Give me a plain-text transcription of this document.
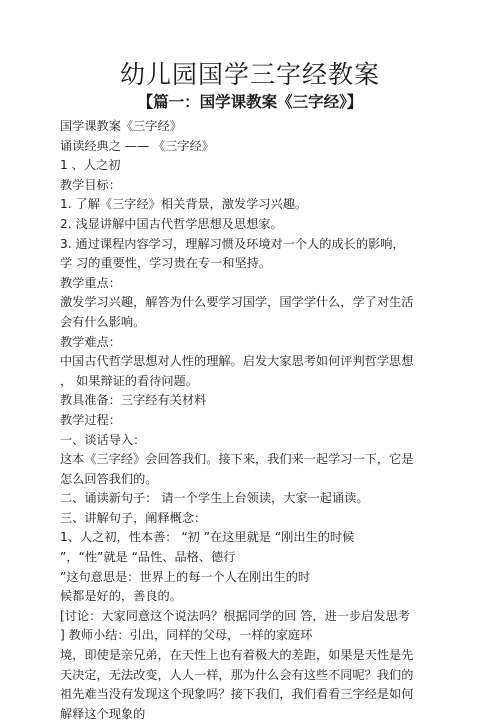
幼儿园国学三字经教案
【篇一：国学课教案《三字经》】
国学课教案《三字经》
诵读经典之 —— 《三字经》
1 、人之初
教学目标：
1. 了解《三字经》相关背景，激发学习兴趣。
2. 浅显讲解中国古代哲学思想及思想家。
3. 通过课程内容学习，理解习惯及环境对一个人的成长的影响，
学 习的重要性，学习贵在专一和坚持。
教学重点：
激发学习兴趣，解答为什么要学习国学，国学学什么，学了对生活
会有什么影响。
教学难点：
中国古代哲学思想对人性的理解。启发大家思考如何评判哲学思想
， 如果辩证的看待问题。
教具准备：三字经有关材料
教学过程：
一、谈话导入：
这本《三字经》会回答我们。接下来，我们来一起学习一下，它是
怎么回答我们的。
二、诵读新句子： 请一个学生上台领读，大家一起诵读。
三、讲解句子，阐释概念：
1、人之初，性本善： “初 ”在这里就是 “刚出生的时候
”，“性”就是 “品性、品格、德行
”这句意思是：世界上的每一个人在刚出生的时
候都是好的，善良的。
[讨论：大家同意这个说法吗？根据同学的回 答，进一步启发思考
] 教师小结：引出，同样的父母，一样的家庭环
境，即使是亲兄弟，在天性上也有着极大的差距，如果是天性是先
天决定，无法改变，人人一样，那为什么会有这些不同呢？我们的
祖先难当没有发现这个现象吗？接下我们，我们看看三字经是如何
解释这个现象的
